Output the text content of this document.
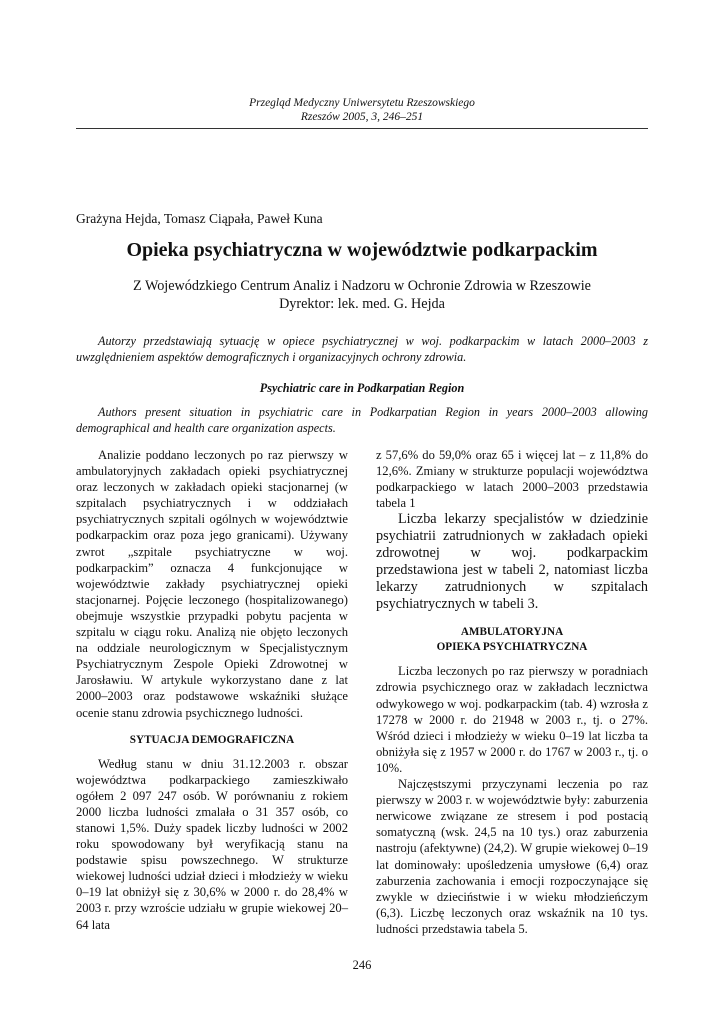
Przegląd Medyczny Uniwersytetu Rzeszowskiego
Rzeszów 2005, 3, 246–251
Grażyna Hejda, Tomasz Ciąpała, Paweł Kuna
Opieka psychiatryczna w województwie podkarpackim
Z Wojewódzkiego Centrum Analiz i Nadzoru w Ochronie Zdrowia w Rzeszowie
Dyrektor: lek. med. G. Hejda
Autorzy przedstawiają sytuację w opiece psychiatrycznej w woj. podkarpackim w latach 2000–2003 z uwzględnieniem aspektów demograficznych i organizacyjnych ochrony zdrowia.
Psychiatric care in Podkarpatian Region
Authors present situation in psychiatric care in Podkarpatian Region in years 2000–2003 allowing demographical and health care organization aspects.

Analizie poddano leczonych po raz pierwszy w ambulatoryjnych zakładach opieki psychiatrycznej oraz leczonych w zakładach opieki stacjonarnej (w szpitalach psychiatrycznych i w oddziałach psychiatrycznych szpitali ogólnych w województwie podkarpackim oraz poza jego granicami). Używany zwrot „szpitale psychiatryczne w woj. podkarpackim” oznacza 4 funkcjonujące w województwie zakłady psychiatrycznej opieki stacjonarnej. Pojęcie leczonego (hospitalizowanego) obejmuje wszystkie przypadki pobytu pacjenta w szpitalu w ciągu roku. Analizą nie objęto leczonych na oddziale neurologicznym w Specjalistycznym Psychiatrycznym Zespole Opieki Zdrowotnej w Jarosławiu. W artykule wykorzystano dane z lat 2000–2003 oraz podstawowe wskaźniki służące ocenie stanu zdrowia psychicznego ludności.

SYTUACJA DEMOGRAFICZNA

Według stanu w dniu 31.12.2003 r. obszar województwa podkarpackiego zamieszkiwało ogółem 2 097 247 osób. W porównaniu z rokiem 2000 liczba ludności zmalała o 31 357 osób, co stanowi 1,5%. Duży spadek liczby ludności w 2002 roku spowodowany był weryfikacją stanu na podstawie spisu powszechnego. W strukturze wiekowej ludności udział dzieci i młodzieży w wieku 0–19 lat obniżył się z 30,6% w 2000 r. do 28,4% w 2003 r. przy wzroście udziału w grupie wiekowej 20–64 lata

z 57,6% do 59,0% oraz 65 i więcej lat – z 11,8% do 12,6%. Zmiany w strukturze populacji województwa podkarpackiego w latach 2000–2003 przedstawia tabela 1

Liczba lekarzy specjalistów w dziedzinie psychiatrii zatrudnionych w zakładach opieki zdrowotnej w woj. podkarpackim przedstawiona jest w tabeli 2, natomiast liczba lekarzy zatrudnionych w szpitalach psychiatrycznych w tabeli 3.

AMBULATORYJNA
OPIEKA PSYCHIATRYCZNA

Liczba leczonych po raz pierwszy w poradniach zdrowia psychicznego oraz w zakładach lecznictwa odwykowego w woj. podkarpackim (tab. 4) wzrosła z 17278 w 2000 r. do 21948 w 2003 r., tj. o 27%. Wśród dzieci i młodzieży w wieku 0–19 lat liczba ta obniżyła się z 1957 w 2000 r. do 1767 w 2003 r., tj. o 10%.

Najczęstszymi przyczynami leczenia po raz pierwszy w 2003 r. w województwie były: zaburzenia nerwicowe związane ze stresem i pod postacią somatyczną (wsk. 24,5 na 10 tys.) oraz zaburzenia nastroju (afektywne) (24,2). W grupie wiekowej 0–19 lat dominowały: upośledzenia umysłowe (6,4) oraz zaburzenia zachowania i emocji rozpoczynające się zwykle w dzieciństwie i w wieku młodzieńczym (6,3). Liczbę leczonych oraz wskaźnik na 10 tys. ludności przedstawia tabela 5.

246
